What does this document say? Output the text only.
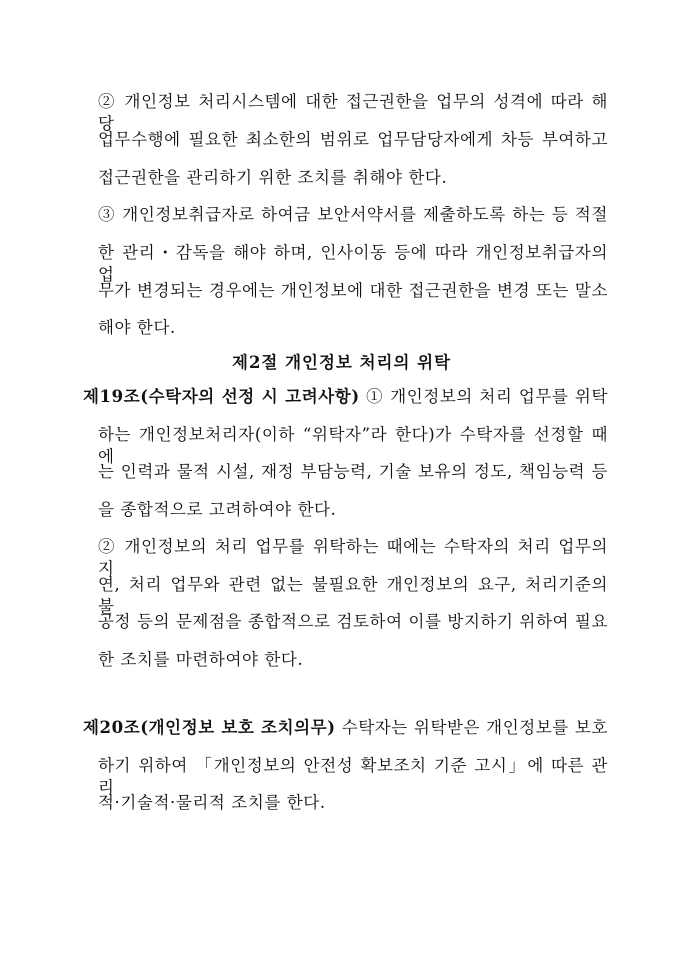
② 개인정보 처리시스템에 대한 접근권한을 업무의 성격에 따라 해당
업무수행에 필요한 최소한의 범위로 업무담당자에게 차등 부여하고
접근권한을 관리하기 위한 조치를 취해야 한다.
③ 개인정보취급자로 하여금 보안서약서를 제출하도록 하는 등 적절
한 관리・감독을 해야 하며, 인사이동 등에 따라 개인정보취급자의 업
무가 변경되는 경우에는 개인정보에 대한 접근권한을 변경 또는 말소
해야 한다.
제2절 개인정보 처리의 위탁
제19조(수탁자의 선정 시 고려사항) ① 개인정보의 처리 업무를 위탁
하는 개인정보처리자(이하 “위탁자”라 한다)가 수탁자를 선정할 때에
는 인력과 물적 시설, 재정 부담능력, 기술 보유의 정도, 책임능력 등
을 종합적으로 고려하여야 한다.
② 개인정보의 처리 업무를 위탁하는 때에는 수탁자의 처리 업무의 지
연, 처리 업무와 관련 없는 불필요한 개인정보의 요구, 처리기준의 불
공정 등의 문제점을 종합적으로 검토하여 이를 방지하기 위하여 필요
한 조치를 마련하여야 한다.
제20조(개인정보 보호 조치의무) 수탁자는 위탁받은 개인정보를 보호
하기 위하여 「개인정보의 안전성 확보조치 기준 고시」에 따른 관리
적·기술적·물리적 조치를 한다.
